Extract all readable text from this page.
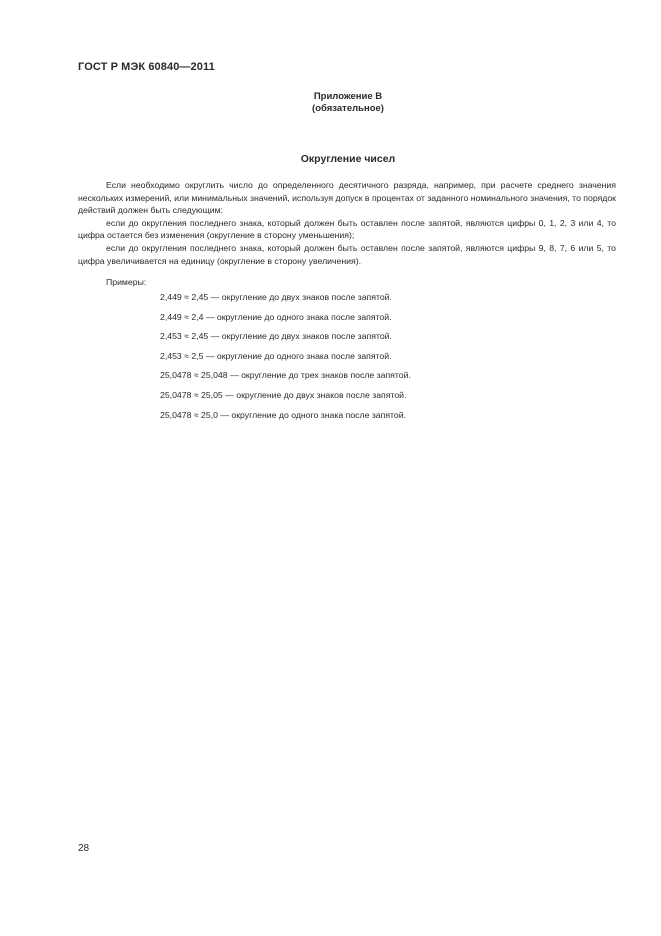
ГОСТ Р МЭК 60840—2011
Приложение В
(обязательное)
Округление чисел

Если необходимо округлить число до определенного десятичного разряда, например, при расчете среднего значения нескольких измерений, или минимальных значений, используя допуск в процентах от заданного номинального значения, то порядок действий должен быть следующим:

если до округления последнего знака, который должен быть оставлен после запятой, являются цифры 0, 1, 2, 3 или 4, то цифра остается без изменения (округление в сторону уменьшения);

если до округления последнего знака, который должен быть оставлен после запятой, являются цифры 9, 8, 7, 6 или 5, то цифра увеличивается на единицу (округление в сторону увеличения).

Примеры:
2,449 ≈ 2,45 — округление до двух знаков после запятой.
2,449 ≈ 2,4 — округление до одного знака после запятой.
2,453 ≈ 2,45 — округление до двух знаков после запятой.
2,453 ≈ 2,5 — округление до одного знака после запятой.
25,0478 ≈ 25,048 — округление до трех знаков после запятой.
25,0478 ≈ 25,05 — округление до двух знаков после запятой.
25,0478 ≈ 25,0 — округление до одного знака после запятой.
28
